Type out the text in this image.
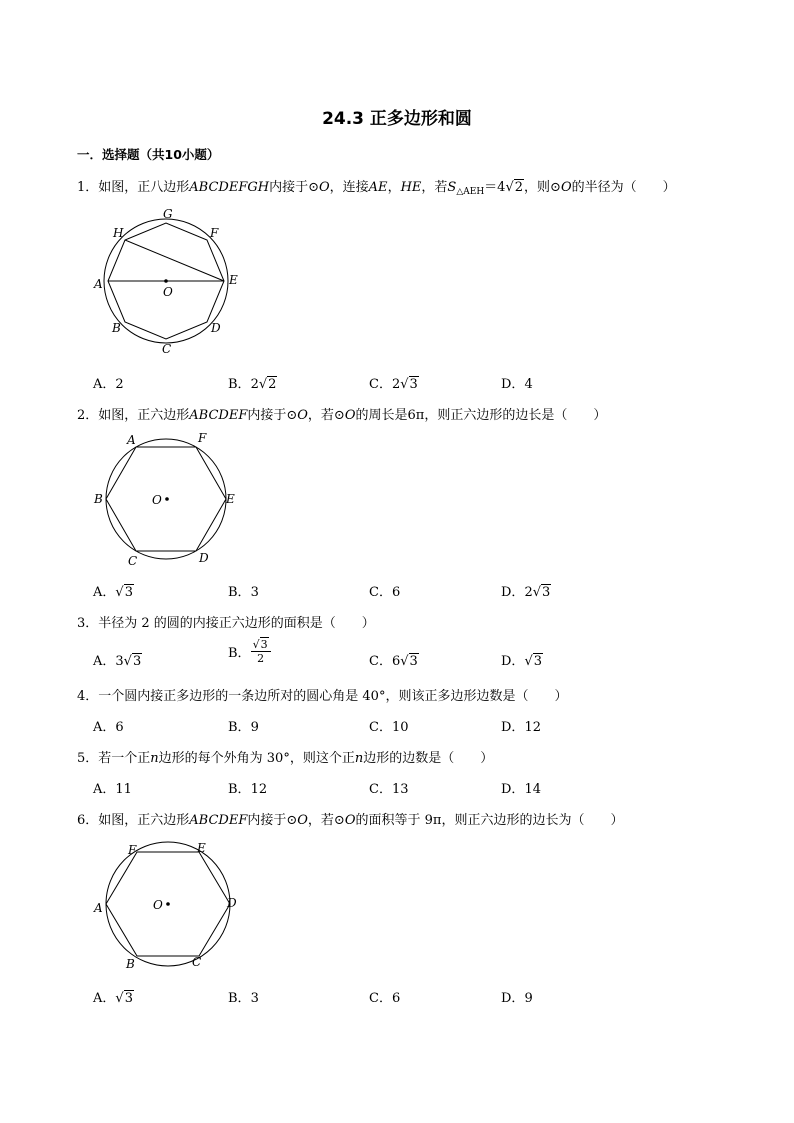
24.3 正多边形和圆
一．选择题（共10小题）
1．如图，正八边形ABCDEFGH内接于⊙O，连接AE，HE，若$S_{\triangle AEH}=4√2$，则⊙O的半径为（　　）
A
H
G
F
E
D
C
B
O
A．2	B．2√2	C．2√3	D．4
2．如图，正六边形ABCDEF内接于⊙O，若⊙O的周长是6π，则正六边形的边长是（　　）
A	F
B	E
C	D
O
A．√3	B．3	C．6	D．2√3
3．半径为 2 的圆的内接正六边形的面积是（　　）
A．3√3
B． $\frac{√3}{2}$	C．6√3	D．√3
4．一个圆内接正多边形的一条边所对的圆心角是 40°，则该正多边形边数是（　　）
A．6	B．9	C．10	D．12
5．若一个正n边形的每个外角为 30°，则这个正n边形的边数是（　　）
A．11	B．12	C．13	D．14
6．如图，正六边形ABCDEF内接于⊙O，若⊙O的面积等于 9π，则正六边形的边长为（　　）
F	E
A	D
B	C
O
A．√3	B．3	C．6	D．9
